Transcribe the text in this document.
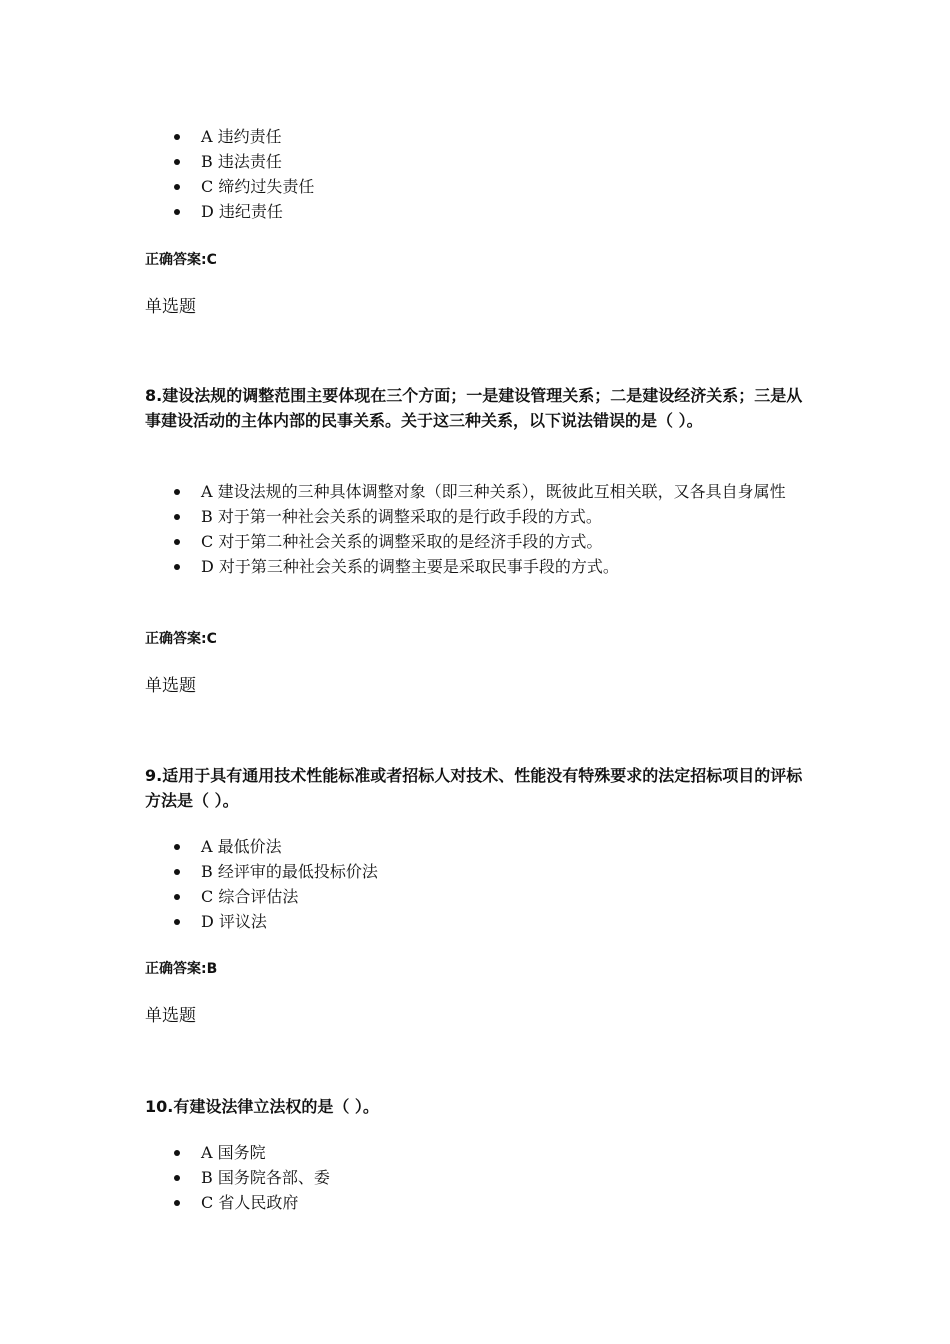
A 违约责任
B 违法责任
C 缔约过失责任
D 违纪责任
正确答案:C
单选题
8.建设法规的调整范围主要体现在三个方面；一是建设管理关系；二是建设经济关系；三是从事建设活动的主体内部的民事关系。关于这三种关系，以下说法错误的是（ ）。
A 建设法规的三种具体调整对象（即三种关系），既彼此互相关联，又各具自身属性
B 对于第一种社会关系的调整采取的是行政手段的方式。
C 对于第二种社会关系的调整采取的是经济手段的方式。
D 对于第三种社会关系的调整主要是采取民事手段的方式。
正确答案:C
单选题
9.适用于具有通用技术性能标准或者招标人对技术、性能没有特殊要求的法定招标项目的评标方法是（ ）。
A 最低价法
B 经评审的最低投标价法
C 综合评估法
D 评议法
正确答案:B
单选题
10.有建设法律立法权的是（ ）。
A 国务院
B 国务院各部、委
C 省人民政府
